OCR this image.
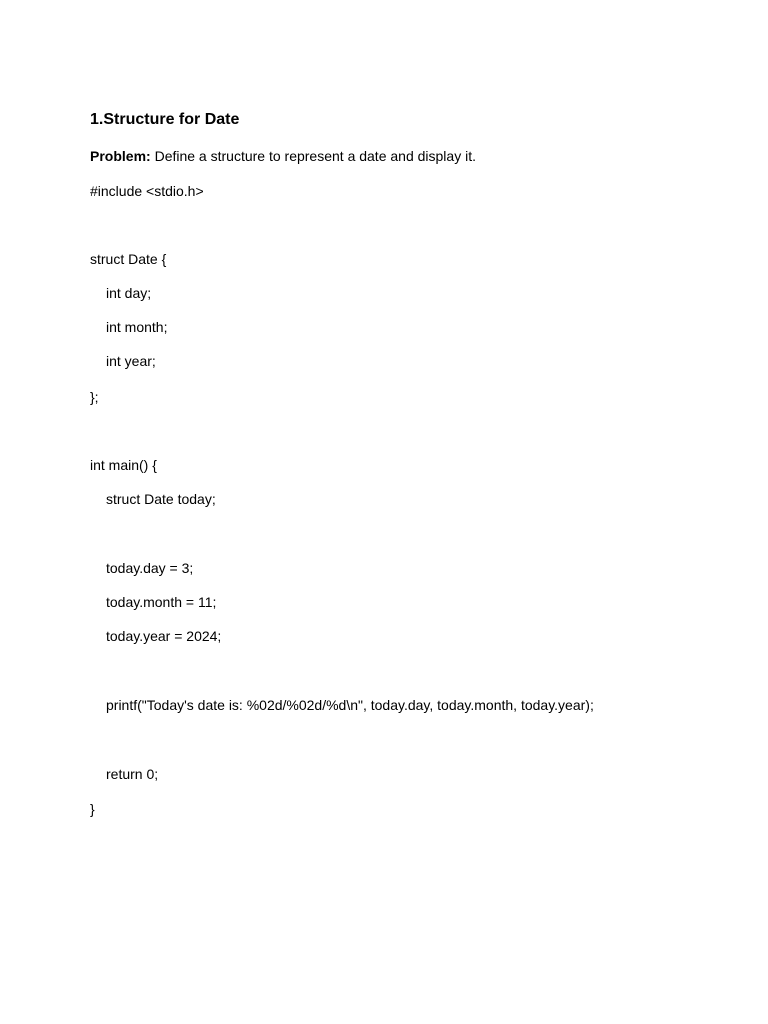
1.Structure for Date
Problem: Define a structure to represent a date and display it.
#include <stdio.h>
struct Date {
int day;
int month;
int year;
};
int main() {
struct Date today;
today.day = 3;
today.month = 11;
today.year = 2024;
printf("Today's date is: %02d/%02d/%d\n", today.day, today.month, today.year);
return 0;
}
